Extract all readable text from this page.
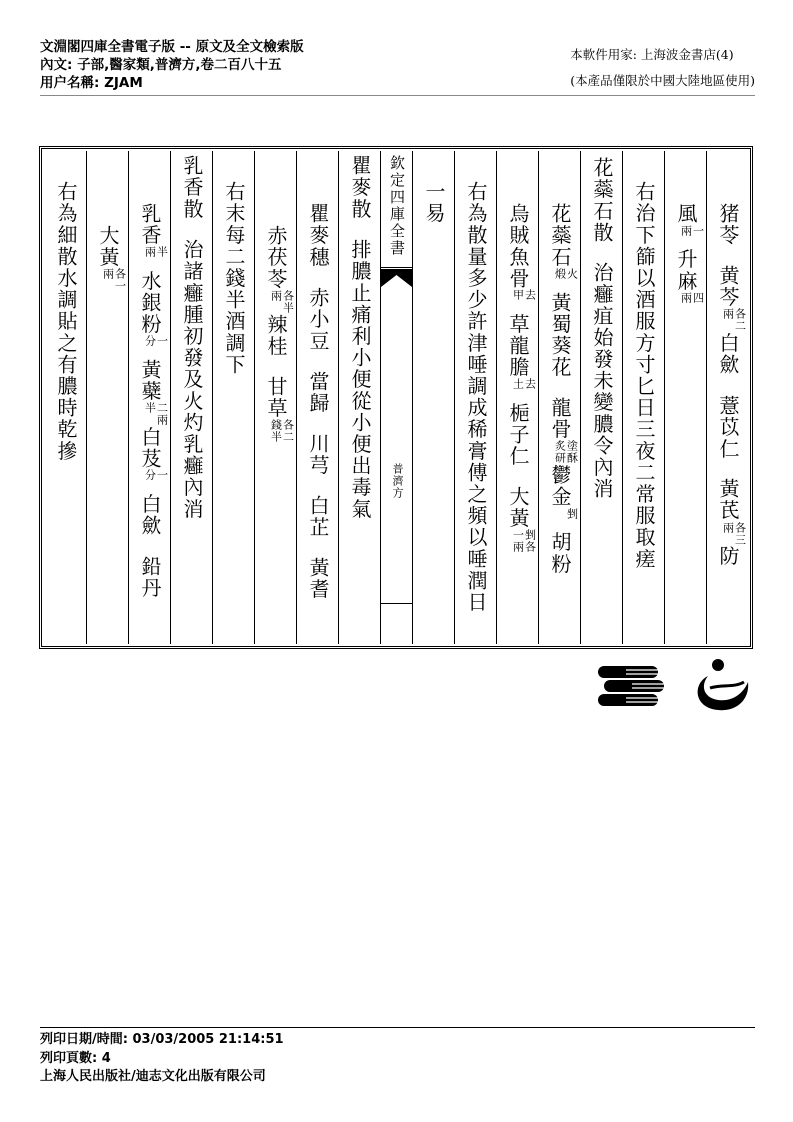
文淵閣四庫全書電子版 -- 原文及全文檢索版
內文: 子部,醫家類,普濟方,卷二百八十五
用户名稱: ZJAM
本軟件用家: 上海波金書店(4)
(本產品僅限於中國大陸地區使用)
猪苓黄芩
各二
兩
白歛薏苡仁黃芪
各三
兩
防
風
一
兩
升麻
四
兩
右治下篩以酒服方寸匕日三夜二常服取瘥
花蘂石散治癰疽始發未變膿令內消
花蘂石
火
煅
黃蜀葵花龍骨
塗酥
炙研
鬱金
剉
胡粉
烏賊魚骨
去
甲
草龍膽
去
土
梔子仁大黃
剉各
一兩
右為散量多少許津唾調成稀膏傅之頻以唾潤日
一易
欽定四庫全書
普濟方
瞿麥散排膿止痛利小便從小便出毒氣
瞿麥穗赤小豆當歸川芎白芷黃耆
赤茯苓
各半
兩
辣桂甘草
各二
錢半
右末每二錢半酒調下
乳香散治諸癰腫初發及火灼乳癰內消
乳香
半
兩
水銀粉
一
分
黃蘗
二兩
半
白芨
一
分
白歛鉛丹
大黃
各一
兩
右為細散水調貼之有膿時乾摻
列印日期/時間: 03/03/2005 21:14:51
列印頁數: 4
上海人民出版社/迪志文化出版有限公司
